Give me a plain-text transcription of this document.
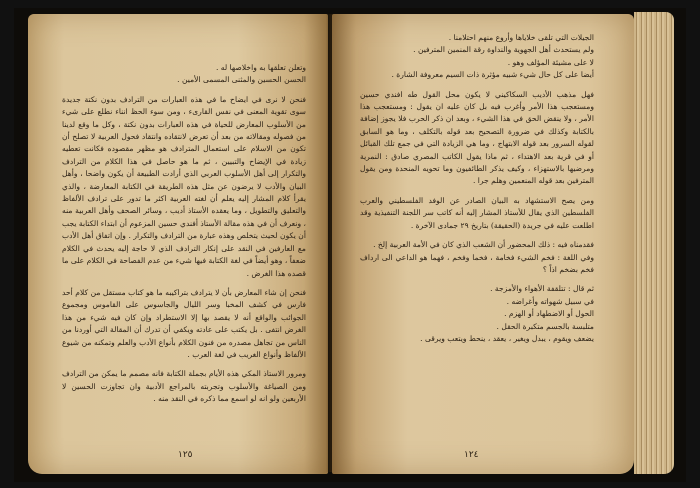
وتعلن تعلقها به واخلاصها له .

الحسن الحسين والمثنى المسمى الأمين .

فنحن لا نرى في ايضاح ما في هذه العبارات من الترادف بدون نكتة جديدة سوى تقوية المعنى في نفس القارىء ، ومن سوء الحظ انناء نطلع على شيء من الأسلوب المعارض للحياة في هذه العبارات بدون نكتة ، وكل ما وقع لدينا من فصوله ومقالاته من بعد أن تعرض لانتقاده وانتقاد فحول العربية لا تصلح أن تكون من الاسلام على استعمال المترادف هو مظهر مقصوده فكانت تعطيه زيادة في الإيضاح والتبيين ، ثم ما هو حاصل في هذا الكلام من الترادف والتكرار إلى أهل الأسلوب العربي الذي أرادت الطبيعة أن يكون واضحا ، وأهل البيان والأدب لا يرضون عن مثل هذه الطريقة في الكتابة المعارضة ، والذي يقرأ كلام المشار إليه يعلم أن لغته العربية اكثر ما تدور على ترادف الألفاظ والتعليق والتطويل ، وما يعقده الأستاذ أديب ، وسائر الصحف وأهل العربية منه ، ونعرف أن في هذه مقالة الأستاذ أفندي حسين المزعوم أن ابتداء الكتابة يجب أن يكون لحيث يتخلص وهذه عبارة من الترادف والتكرار . وإن اتفاق أهل الأدب مع العارفين في النقد على إنكار الترادف الذي لا حاجة إليه يحدث في الكلام ضعفاً ، وهو أيضاً في لغة الكتابة فيها شيء من عدم الفصاحة في الكلام على ما قصده هذا الغرض .

فنحن إن شاء المعارض بأن لا يترادف بتراكيبه ما هو كتاب مستقل من كلام أحد فارس في كشف المخبا وسر الليال والجاسوس على القاموس ومجموع الجوائب والواقع أنه لا يقصد بها إلا الاستطراد وإن كان فيه شيء من هذا الغرض انتفى . بل يكتب على عادته ويكفي أن تدرك أن المقالة التي أوردنا من الناس من تجاهل مصدره من فنون الكلام بأنواع الأدب والعلم وتمكنه من شيوع الألفاظ وأنواع الغريب في لغة العرب .

ومرور الاستاذ المكي هذه الأيام بجملة الكتابة فانه مصمم ما يمكن من الترادف ومن الصياغة والأسلوب وتجربته بالمراجع الأدبية وان تجاوزت الحسين لا الأربعين ولو انه لو اسمع مما ذكره في النقد منه .

١٢٥

الجيلات التي تلقى خلاياها وأروع منهم احتلامنا .

ولم يستحدث أهل الجهوية والنداوة رقة المنمين المترفين .

لا على مشيئة المؤلف وهو .

أيضا على كل حال شيء شبيه مؤثرة ذات السيم معروفة الشارة .

فهل مذهب الأديب السكاكيني لا يكون محل القول طه افندي حسين ومستعجب هذا الأمر وأغرب فيه بل كان عليه ان يقول : ومستعجب هذا الأمر ، ولا ينقض الحق في هذا الشيء ، وبعد ان ذكر الحرب فلا يجوز إضافة بالكتابة وكذلك في ضرورة التصحيح بعد قوله بالتكلف ، وما هو السابق لقوله السرور بعد قوله الابتهاج ، وما هي الزيادة التي في جمع تلك القبائل أو في قرية بعد الاهتداء ، ثم ماذا يقول الكاتب المصري صادق : النمرية ومرضيها بالاستهزاء ، وكيف يذكر الطائفيون وما تحويه المنحدة ومن يقول المترفين بعد قوله المنعمين وهلم جرا .

ومن يصح الاستشهاد به البيان الصادر عن الوفد الفلسطيني والعرب الفلسطين الذي يقال للأستاذ المشار إليه أنه كاتب سر اللجنة التنفيذية وقد اطلعت عليه في جريدة (الحقيقة) بتاريخ ٢٩ جمادى الآخرة .

فقدمناه فيه : ذلك المحضور أن الشعب الذي كان في الأمة العربية إلخ .

وفي اللغة : فخم الشيء فخامة ، فخما وفخم ، فهما هو الداعي الى ارداف فخم بضخم اذاً ؟

ثم قال : تتلقفة الأهواء والأمزجة .

في سبيل شهواته وأغراضه .

الحول أو الاضطهاد أو الهزم .

متلبسة بالجسم متكبرة الحقل .

يضعف ويقوم ، يبدل ويغير ، يعقد ، ينحط ويتعب ويرقى .

١٢٤
